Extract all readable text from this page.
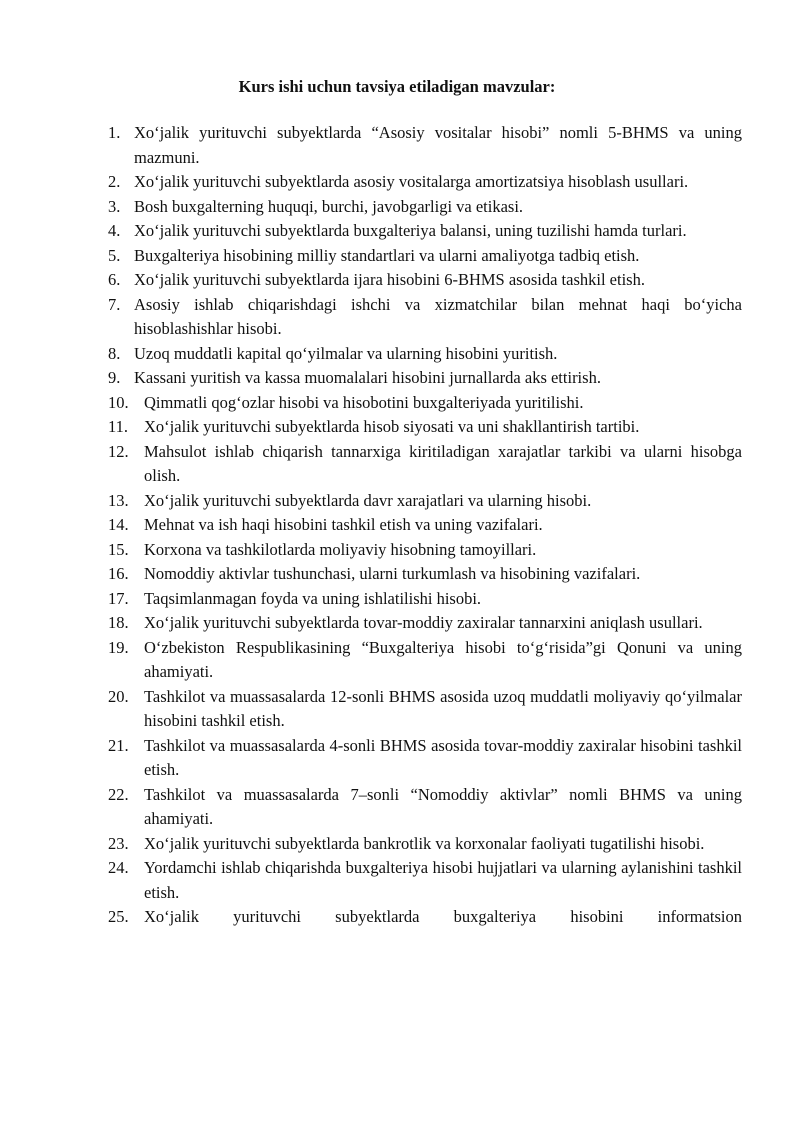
Kurs ishi uchun tavsiya etiladigan mavzular:
1. Xo‘jalik yurituvchi subyektlarda “Asosiy vositalar hisobi” nomli 5-BHMS va uning mazmuni.
2. Xo‘jalik yurituvchi subyektlarda asosiy vositalarga amortizatsiya hisoblash usullari.
3. Bosh buxgalterning huquqi, burchi, javobgarligi va etikasi.
4. Xo‘jalik yurituvchi subyektlarda buxgalteriya balansi, uning tuzilishi hamda turlari.
5. Buxgalteriya hisobining milliy standartlari va ularni amaliyotga tadbiq etish.
6. Xo‘jalik yurituvchi subyektlarda ijara hisobini 6-BHMS asosida tashkil etish.
7. Asosiy ishlab chiqarishdagi ishchi va xizmatchilar bilan mehnat haqi bo‘yicha hisoblashishlar hisobi.
8. Uzoq muddatli kapital qo‘yilmalar va ularning hisobini yuritish.
9. Kassani yuritish va kassa muomalalari hisobini jurnallarda aks ettirish.
10. Qimmatli qog‘ozlar hisobi va hisobotini buxgalteriyada yuritilishi.
11. Xo‘jalik yurituvchi subyektlarda hisob siyosati va uni shakllantirish tartibi.
12. Mahsulot ishlab chiqarish tannarxiga kiritiladigan xarajatlar tarkibi va ularni hisobga olish.
13. Xo‘jalik yurituvchi subyektlarda davr xarajatlari va ularning hisobi.
14. Mehnat va ish haqi hisobini tashkil etish va uning vazifalari.
15. Korxona va tashkilotlarda moliyaviy hisobning tamoyillari.
16. Nomoddiy aktivlar tushunchasi, ularni turkumlash va hisobining vazifalari.
17. Taqsimlanmagan foyda va uning ishlatilishi hisobi.
18. Xo‘jalik yurituvchi subyektlarda tovar-moddiy zaxiralar tannarxini aniqlash usullari.
19. O‘zbekiston Respublikasining “Buxgalteriya hisobi to‘g‘risida”gi Qonuni va uning ahamiyati.
20. Tashkilot va muassasalarda 12-sonli BHMS asosida uzoq muddatli moliyaviy qo‘yilmalar hisobini tashkil etish.
21. Tashkilot va muassasalarda 4-sonli BHMS asosida tovar-moddiy zaxiralar hisobini tashkil etish.
22. Tashkilot va muassasalarda 7–sonli “Nomoddiy aktivlar” nomli BHMS va uning ahamiyati.
23. Xo‘jalik yurituvchi subyektlarda bankrotlik va korxonalar faoliyati tugatilishi hisobi.
24. Yordamchi ishlab chiqarishda buxgalteriya hisobi hujjatlari va ularning aylanishini tashkil etish.
25. Xo‘jalik yurituvchi subyektlarda buxgalteriya hisobini informatsion
